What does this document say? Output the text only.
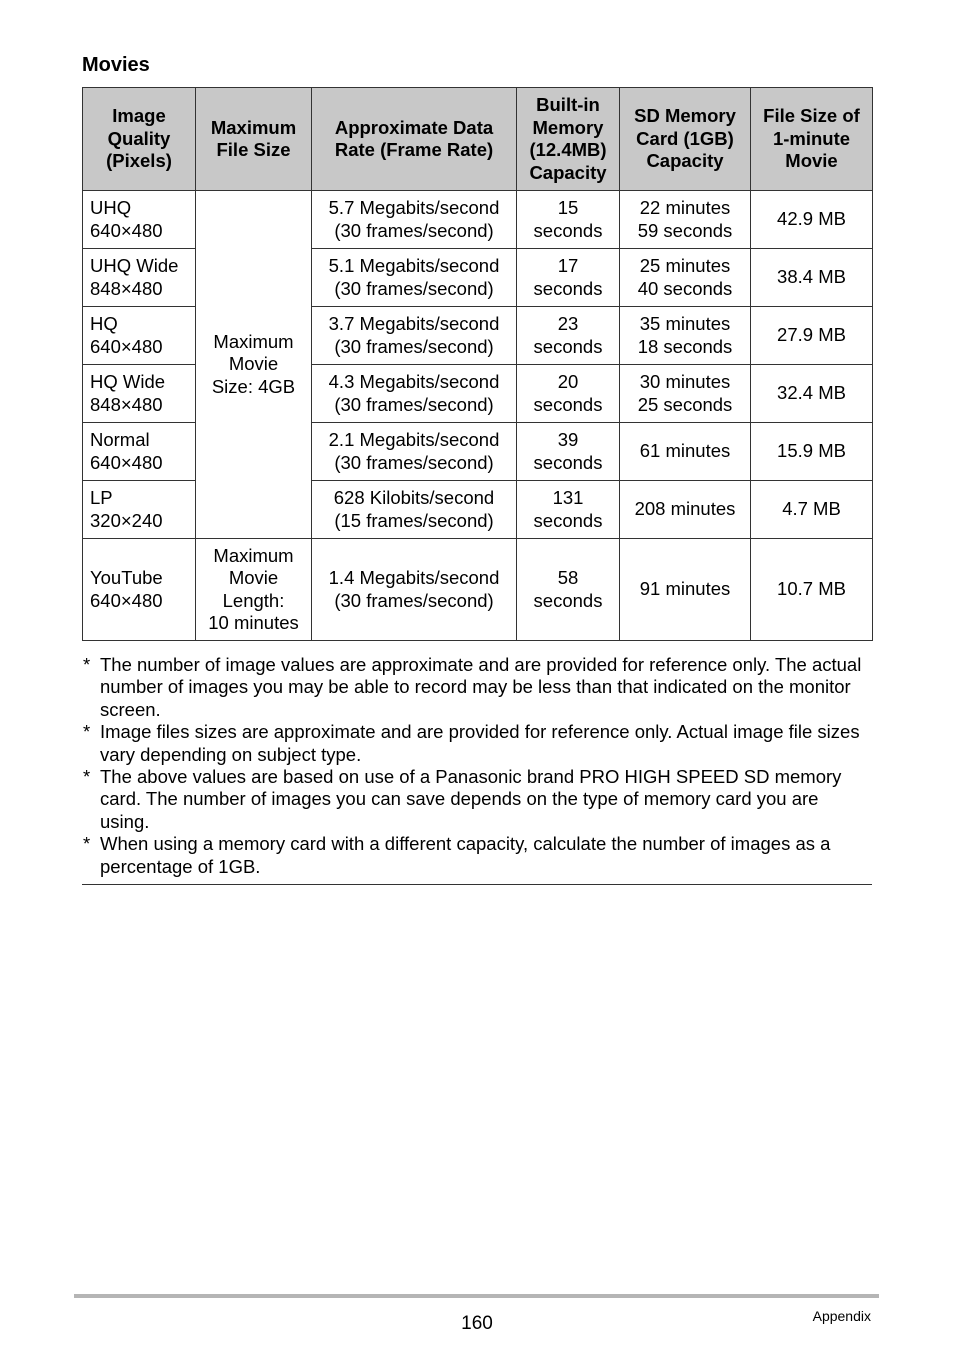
Movies
Image
Quality
(Pixels)	Maximum
File Size	Approximate Data
Rate (Frame Rate)	Built-in
Memory
(12.4MB)
Capacity	SD Memory
Card (1GB)
Capacity	File Size of
1-minute
Movie

UHQ
640×480	Maximum
Movie
Size: 4GB	5.7 Megabits/second
(30 frames/second)	15
seconds	22 minutes
59 seconds	42.9 MB

UHQ Wide
848×480		5.1 Megabits/second
(30 frames/second)	17
seconds	25 minutes
40 seconds	38.4 MB

HQ
640×480		3.7 Megabits/second
(30 frames/second)	23
seconds	35 minutes
18 seconds	27.9 MB

HQ Wide
848×480		4.3 Megabits/second
(30 frames/second)	20
seconds	30 minutes
25 seconds	32.4 MB

Normal
640×480		2.1 Megabits/second
(30 frames/second)	39
seconds	61 minutes	15.9 MB

LP
320×240		628 Kilobits/second
(15 frames/second)	131
seconds	208 minutes	4.7 MB

YouTube
640×480	Maximum
Movie
Length:
10 minutes	1.4 Megabits/second
(30 frames/second)	58
seconds	91 minutes	10.7 MB
* The number of image values are approximate and are provided for reference only. The actual number of images you may be able to record may be less than that indicated on the monitor screen.
* Image files sizes are approximate and are provided for reference only. Actual image file sizes vary depending on subject type.
* The above values are based on use of a Panasonic brand PRO HIGH SPEED SD memory card. The number of images you can save depends on the type of memory card you are using.
* When using a memory card with a different capacity, calculate the number of images as a percentage of 1GB.
160	Appendix
